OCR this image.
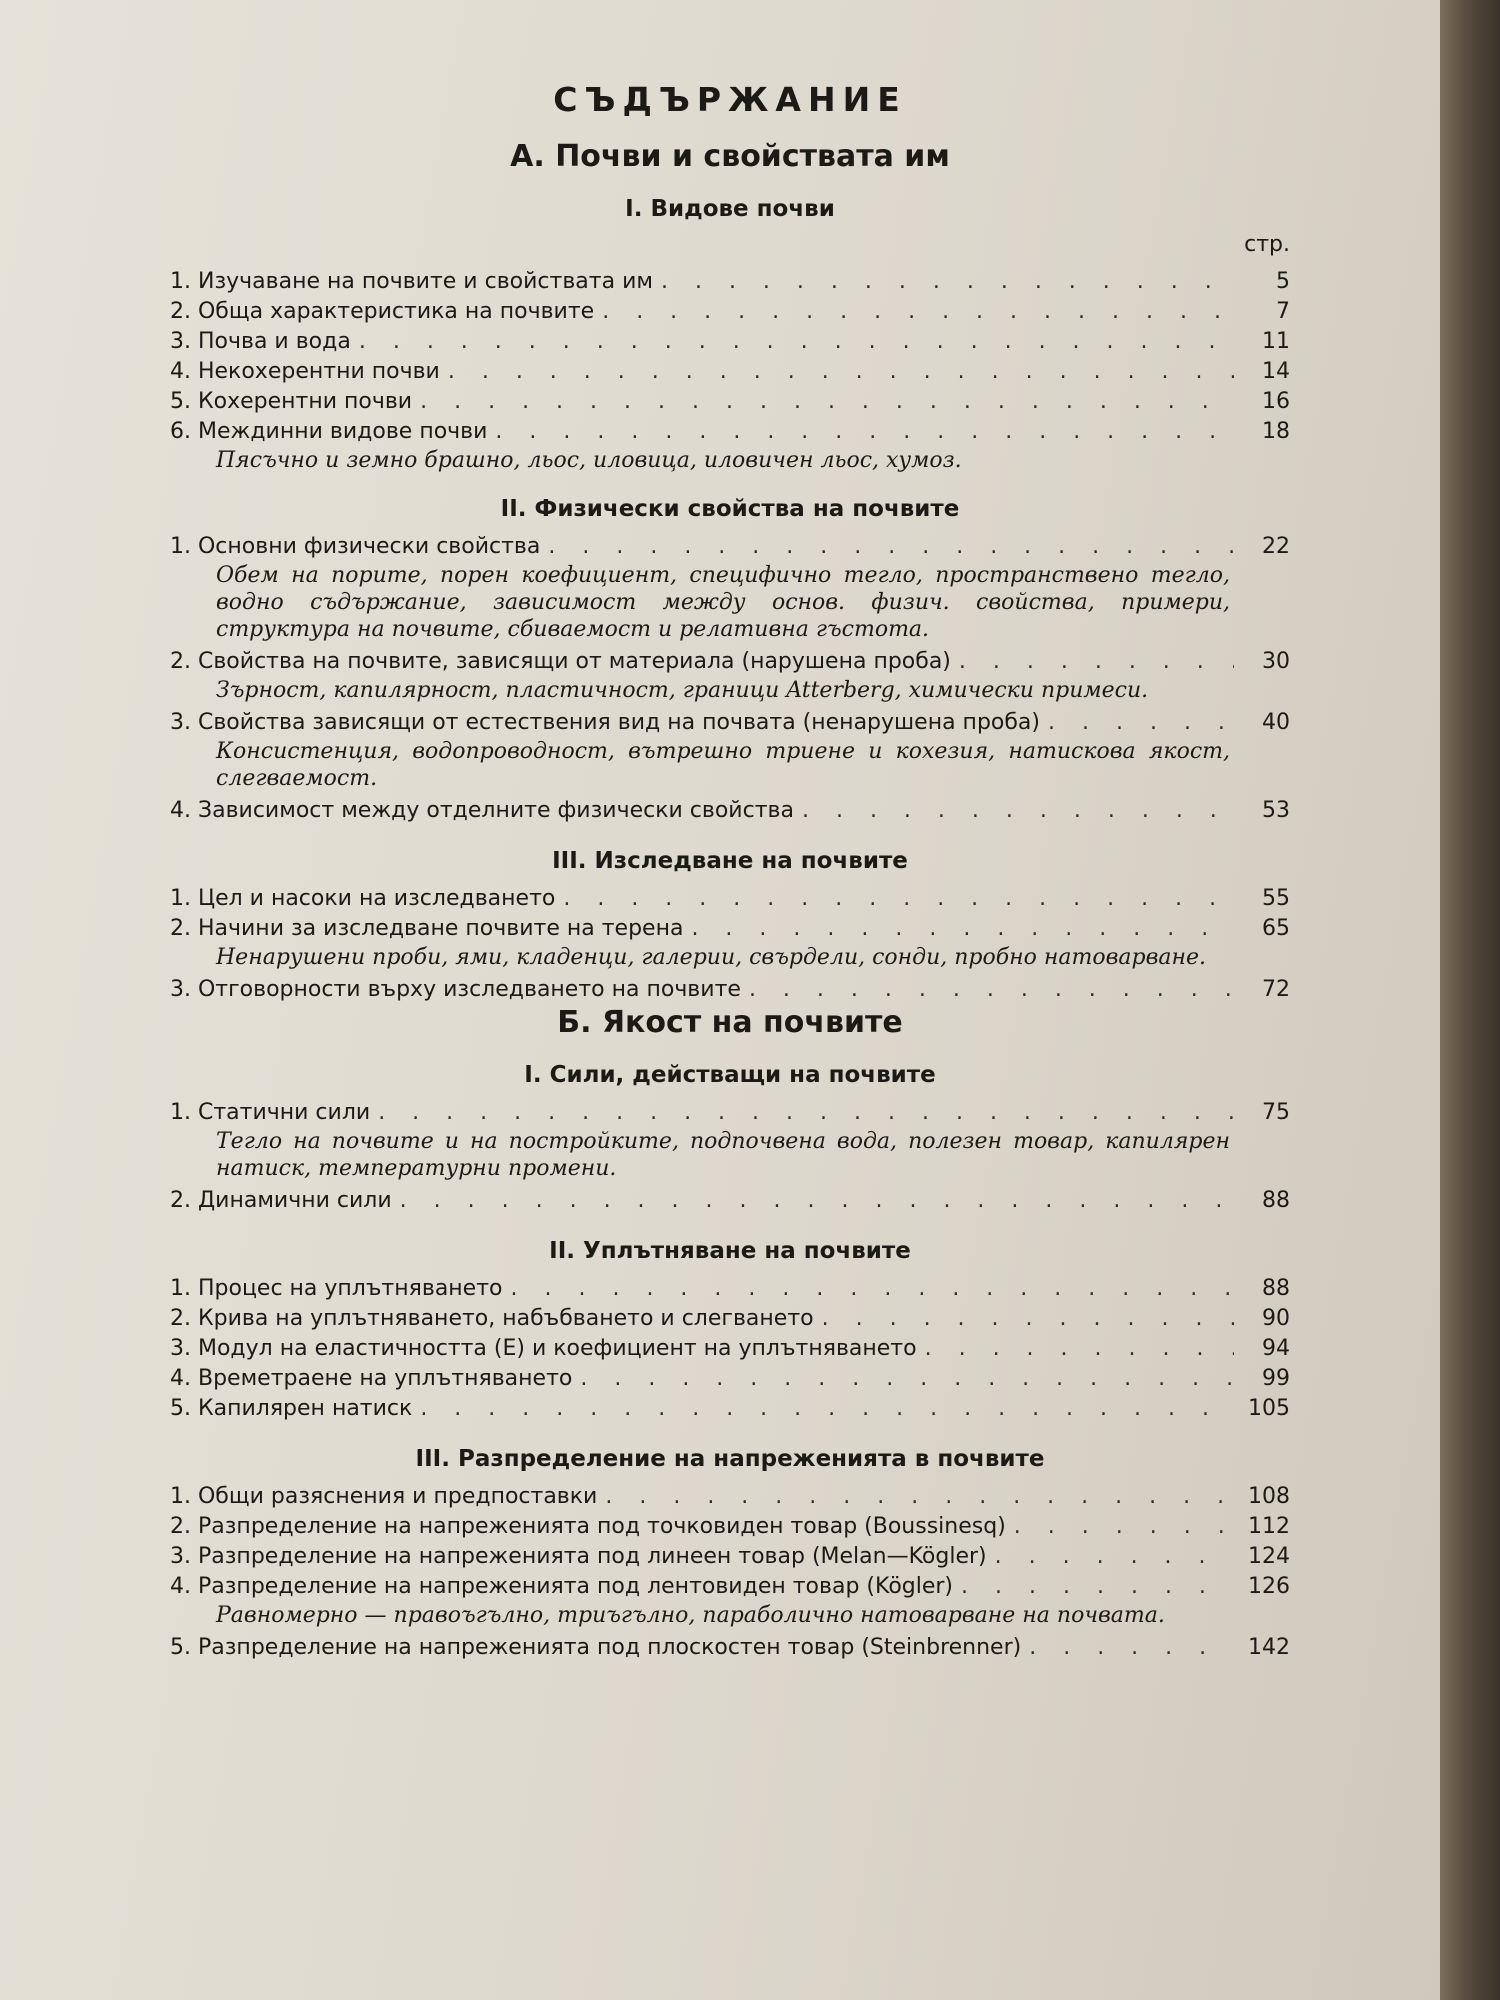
СЪДЪРЖАНИЕ
А. Почви и свойствата им
I. Видове почви
стр.
1. Изучаване на почвите и свойствата им . . .	5
2. Обща характеристика на почвите . . .	7
3. Почва и вода . . .	11
4. Некохерентни почви . . .	14
5. Кохерентни почви . . .	16
6. Междинни видове почви . . .	18
Пясъчно и земно брашно, льос, иловица, иловичен льос, хумоз.
II. Физически свойства на почвите
1. Основни физически свойства . . .	22
Обем на порите, порен коефициент, специфично тегло, пространствено тегло, водно съдържание, зависимост между основ. физич. свойства, примери, структура на почвите, сбиваемост и релативна гъстота.
2. Свойства на почвите, зависящи от материала (нарушена проба) . . .	30
Зърност, капилярност, пластичност, граници Atterberg, химически примеси.
3. Свойства зависящи от естествения вид на почвата (ненарушена проба) . . .	40
Консистенция, водопроводност, вътрешно триене и кохезия, натискова якост, слегваемост.
4. Зависимост между отделните физически свойства . . .	53
III. Изследване на почвите
1. Цел и насоки на изследването . . .	55
2. Начини за изследване почвите на терена . . .	65
Ненарушени проби, ями, кладенци, галерии, свърдели, сонди, пробно натоварване.
3. Отговорности върху изследването на почвите . . .	72
Б. Якост на почвите
I. Сили, действащи на почвите
1. Статични сили . . .	75
Тегло на почвите и на постройките, подпочвена вода, полезен товар, капилярен натиск, температурни промени.
2. Динамични сили . . .	88
II. Уплътняване на почвите
1. Процес на уплътняването . . .	88
2. Крива на уплътняването, набъбването и слегването . . .	90
3. Модул на еластичността (E) и коефициент на уплътняването . . .	94
4. Времетраене на уплътняването . . .	99
5. Капилярен натиск . . .	105
III. Разпределение на напреженията в почвите
1. Общи разяснения и предпоставки . . .	108
2. Разпределение на напреженията под точковиден товар (Boussinesq) . . .	112
3. Разпределение на напреженията под линеен товар (Melan—Kögler) . . .	124
4. Разпределение на напреженията под лентовиден товар (Kögler) . . .	126
Равномерно — правоъгълно, триъгълно, параболично натоварване на почвата.
5. Разпределение на напреженията под плоскостен товар (Steinbrenner) . . .	142
